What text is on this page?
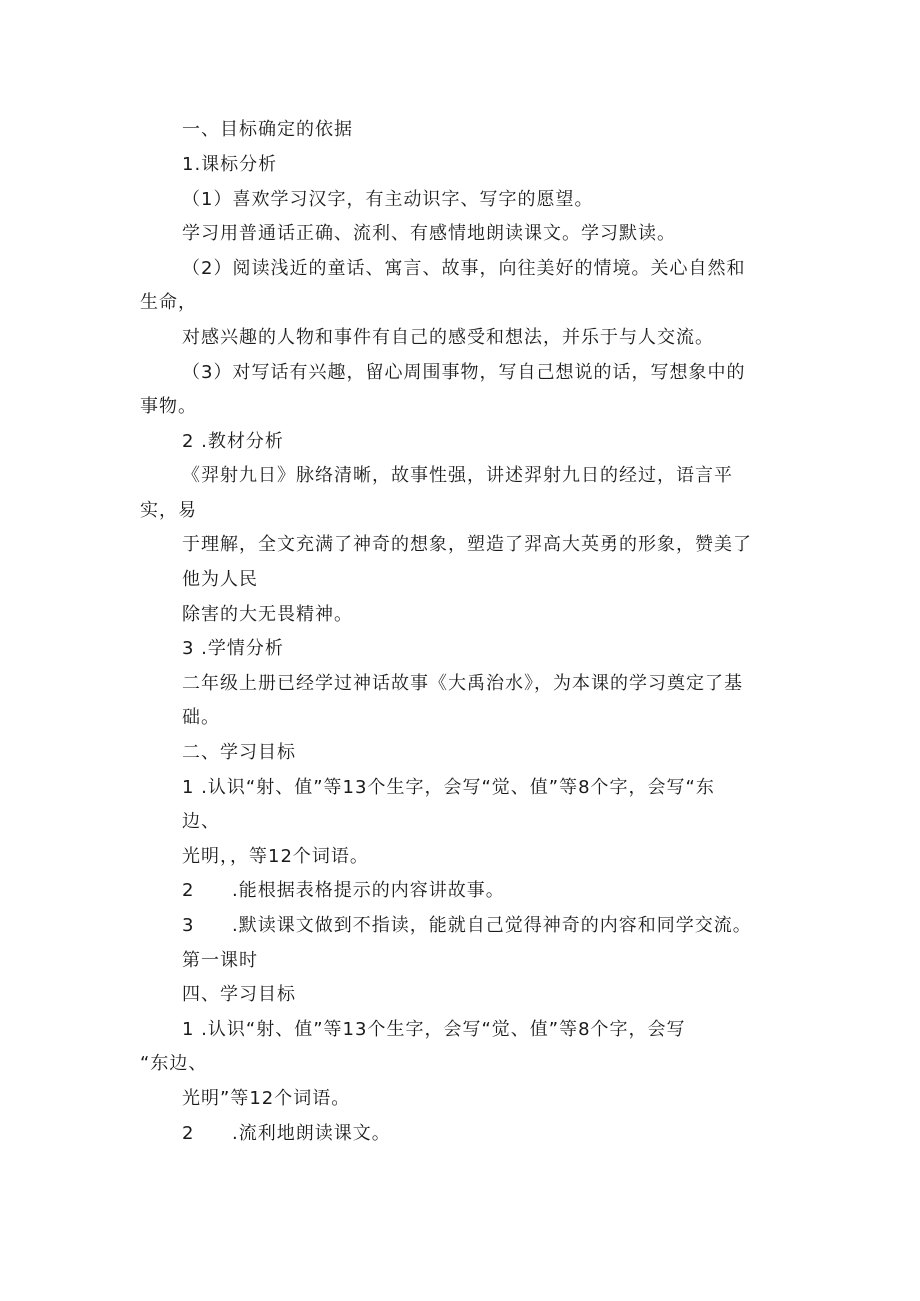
一、目标确定的依据
1.课标分析
（1）喜欢学习汉字，有主动识字、写字的愿望。
学习用普通话正确、流利、有感情地朗读课文。学习默读。
（2）阅读浅近的童话、寓言、故事，向往美好的情境。关心自然和
生命，
对感兴趣的人物和事件有自己的感受和想法，并乐于与人交流。
（3）对写话有兴趣，留心周围事物，写自己想说的话，写想象中的
事物。
2 .教材分析
《羿射九日》脉络清晰，故事性强，讲述羿射九日的经过，语言平
实，易
于理解，全文充满了神奇的想象，塑造了羿高大英勇的形象，赞美了
他为人民
除害的大无畏精神。
3 .学情分析
二年级上册已经学过神话故事《大禹治水》，为本课的学习奠定了基
础。
二、学习目标
1 .认识“射、值”等13个生字，会写“觉、值”等8个字，会写“东
边、
光明，，等12个词语。
2 .能根据表格提示的内容讲故事。
3 .默读课文做到不指读，能就自己觉得神奇的内容和同学交流。
第一课时
四、学习目标
1 .认识“射、值”等13个生字，会写“觉、值”等8个字，会写
“东边、
光明”等12个词语。
2 .流利地朗读课文。
